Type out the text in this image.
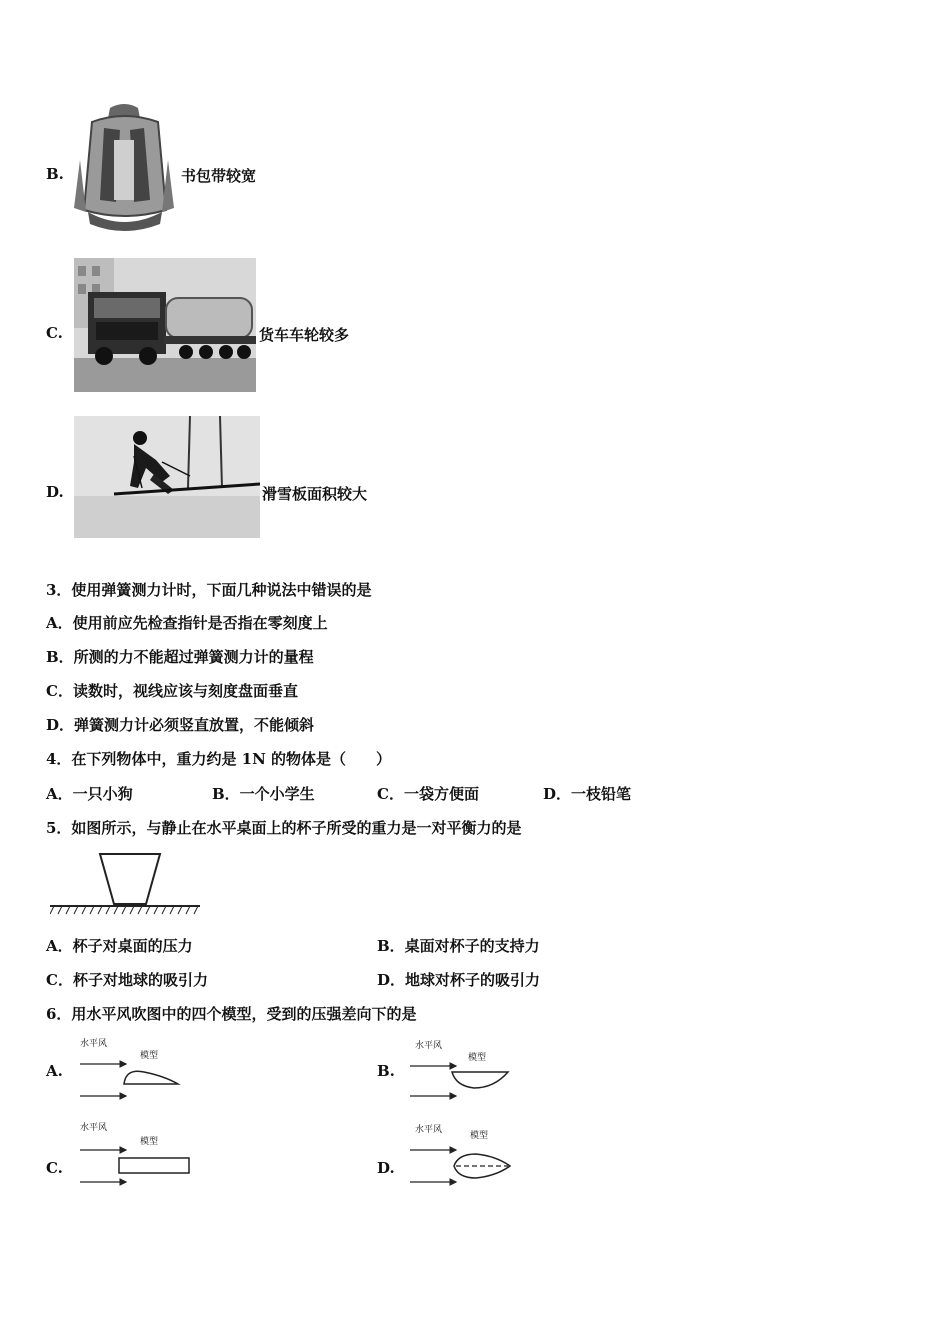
B.	书包带较宽
C.	货车车轮较多
D.	滑雪板面积较大
3．使用弹簧测力计时，下面几种说法中错误的是
A．使用前应先检查指针是否指在零刻度上
B．所测的力不能超过弹簧测力计的量程
C．读数时，视线应该与刻度盘面垂直
D．弹簧测力计必须竖直放置，不能倾斜
4．在下列物体中，重力约是 1N 的物体是（　　）
A．一只小狗	B．一个小学生	C．一袋方便面	D．一枝铅笔
5．如图所示，与静止在水平桌面上的杯子所受的重力是一对平衡力的是
A．杯子对桌面的压力	B．桌面对杯子的支持力
C．杯子对地球的吸引力	D．地球对杯子的吸引力
6．用水平风吹图中的四个模型，受到的压强差向下的是
A.
水平风
模型
B.
水平风
模型
C.
水平风
模型
D.
水平风
模型
